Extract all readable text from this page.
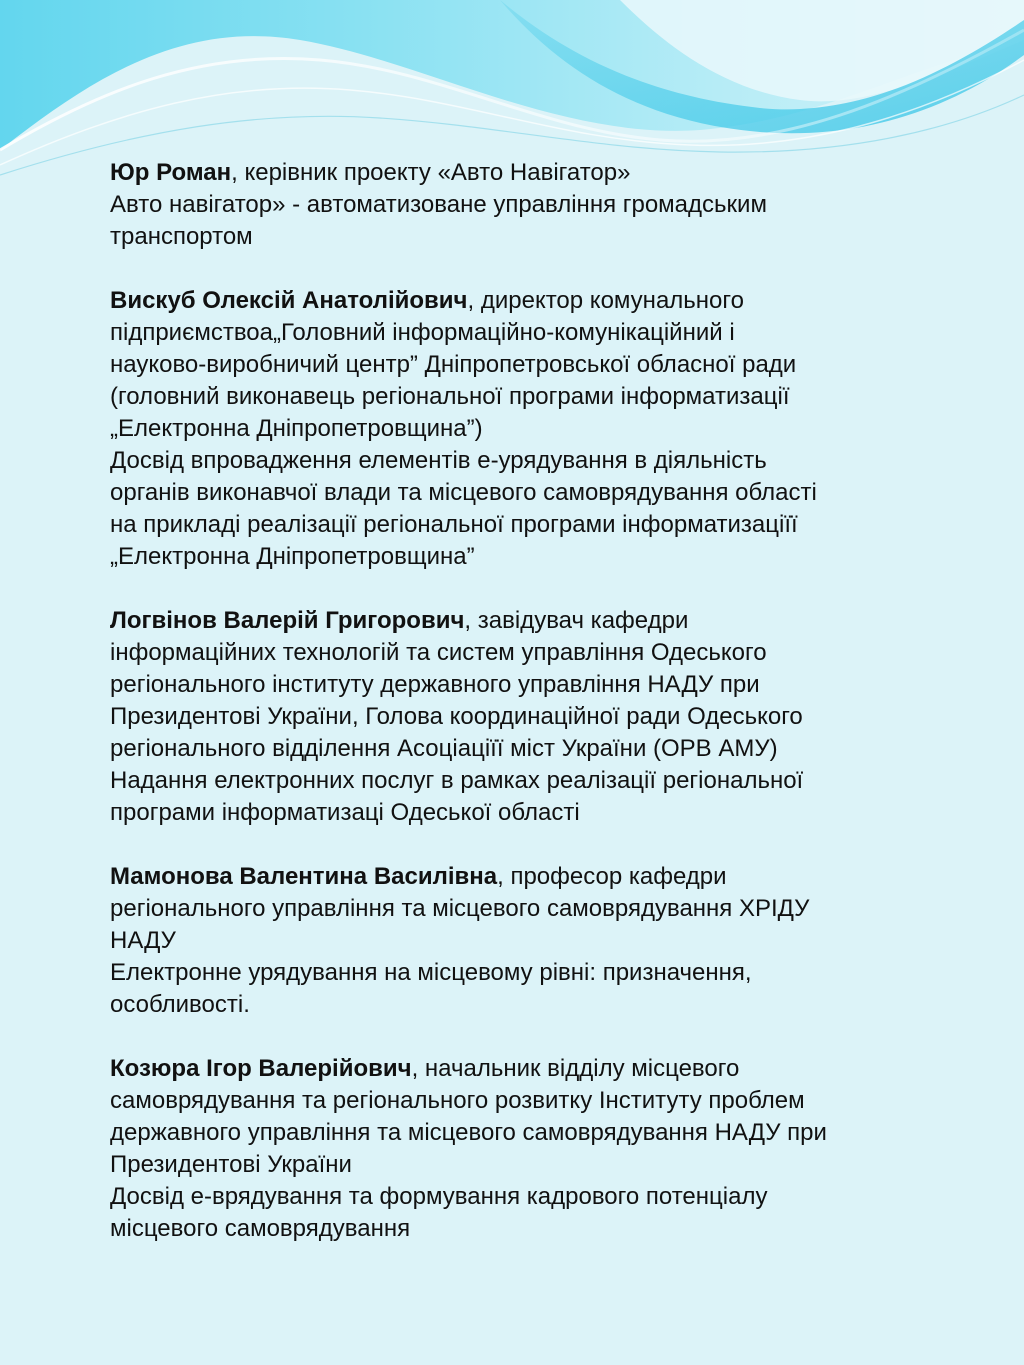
Юр Роман, керівник проекту «Авто Навігатор»
Авто навігатор» - автоматизоване управління громадським
транспортом
Вискуб Олексій Анатолійович, директор комунального
підприємствоа„Головний інформаційно-комунікаційний і
науково-виробничий центр” Дніпропетровської обласної ради
(головний виконавець регіональної програми інформатизації
„Електронна Дніпропетровщина”)
Досвід впровадження елементів е-урядування в діяльність
органів виконавчої влади та місцевого самоврядування області
на прикладі реалізації регіональної програми інформатизаціїї
„Електронна Дніпропетровщина”
Логвінов Валерій Григорович, завідувач кафедри
інформаційних технологій та систем управління Одеського
регіонального інституту державного управління НАДУ при
Президентові України, Голова координаційної ради Одеського
регіонального відділення Асоціаціїї міст України (ОРВ АМУ)
Надання електронних послуг в рамках реалізації регіональної
програми інформатизаці Одеської області
Мамонова Валентина Василівна, професор кафедри
регіонального управління та місцевого самоврядування ХРІДУ
НАДУ
Електронне урядування на місцевому рівні: призначення,
особливості.
Козюра Ігор Валерійович, начальник відділу місцевого
самоврядування та регіонального розвитку Інституту проблем
державного управління та місцевого самоврядування НАДУ при
Президентові України
Досвід е-врядування та формування кадрового потенціалу
місцевого самоврядування
